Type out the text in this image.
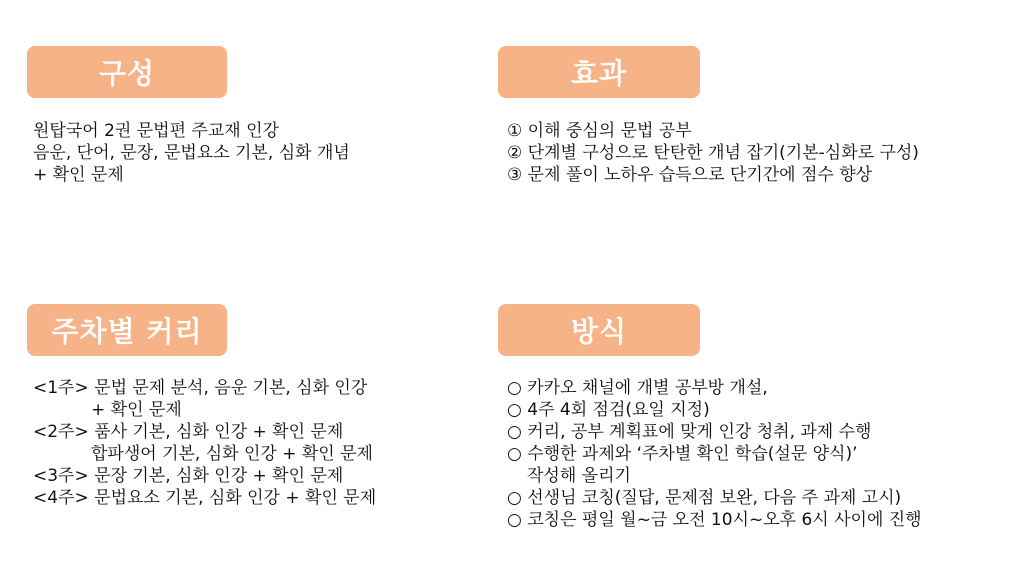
구성
원탑국어 2권 문법편 주교재 인강
음운, 단어, 문장, 문법요소 기본, 심화 개념
+ 확인 문제
효과
① 이해 중심의 문법 공부
② 단계별 구성으로 탄탄한 개념 잡기(기본-심화로 구성)
③ 문제 풀이 노하우 습득으로 단기간에 점수 향상
주차별 커리
<1주> 문법 문제 분석, 음운 기본, 심화 인강
+ 확인 문제
<2주> 품사 기본, 심화 인강 + 확인 문제
합파생어 기본, 심화 인강 + 확인 문제
<3주> 문장 기본, 심화 인강 + 확인 문제
<4주> 문법요소 기본, 심화 인강 + 확인 문제
방식
○ 카카오 채널에 개별 공부방 개설,
○ 4주 4회 점검(요일 지정)
○ 커리, 공부 계획표에 맞게 인강 청취, 과제 수행
○ 수행한 과제와 ‘주차별 확인 학습(설문 양식)’
작성해 올리기
○ 선생님 코칭(질답, 문제점 보완, 다음 주 과제 고시)
○ 코칭은 평일 월~금 오전 10시~오후 6시 사이에 진행
